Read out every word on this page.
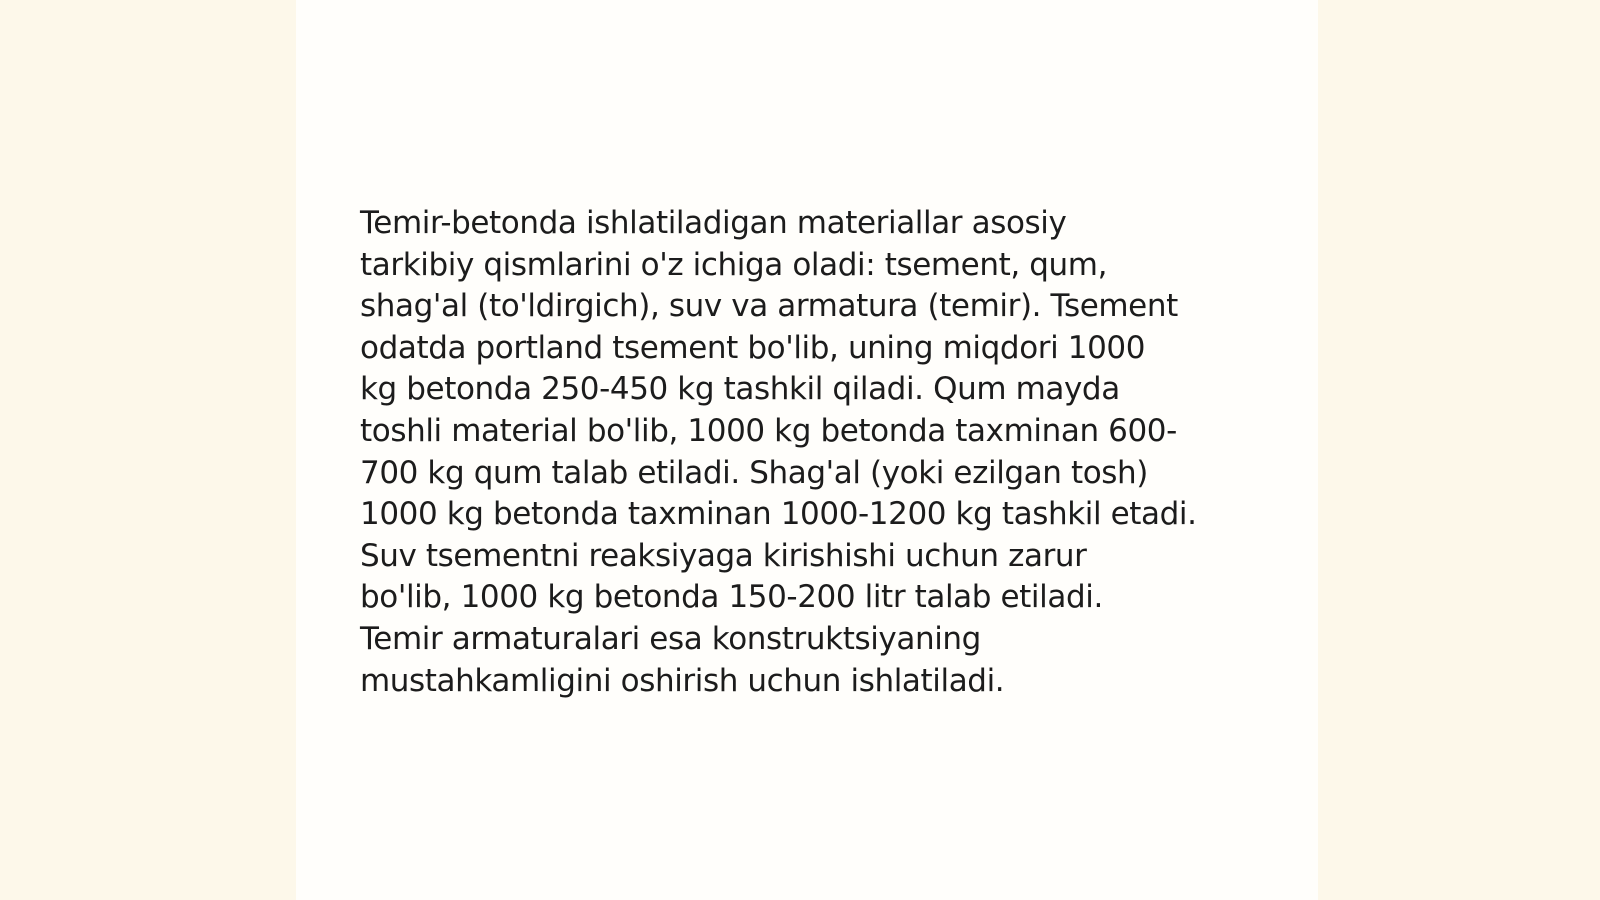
Temir-betonda ishlatiladigan materiallar asosiy
tarkibiy qismlarini o'z ichiga oladi: tsement, qum,
shag'al (to'ldirgich), suv va armatura (temir). Tsement
odatda portland tsement bo'lib, uning miqdori 1000
kg betonda 250-450 kg tashkil qiladi. Qum mayda
toshli material bo'lib, 1000 kg betonda taxminan 600-
700 kg qum talab etiladi. Shag'al (yoki ezilgan tosh)
1000 kg betonda taxminan 1000-1200 kg tashkil etadi.
Suv tsementni reaksiyaga kirishishi uchun zarur
bo'lib, 1000 kg betonda 150-200 litr talab etiladi.
Temir armaturalari esa konstruktsiyaning
mustahkamligini oshirish uchun ishlatiladi.
